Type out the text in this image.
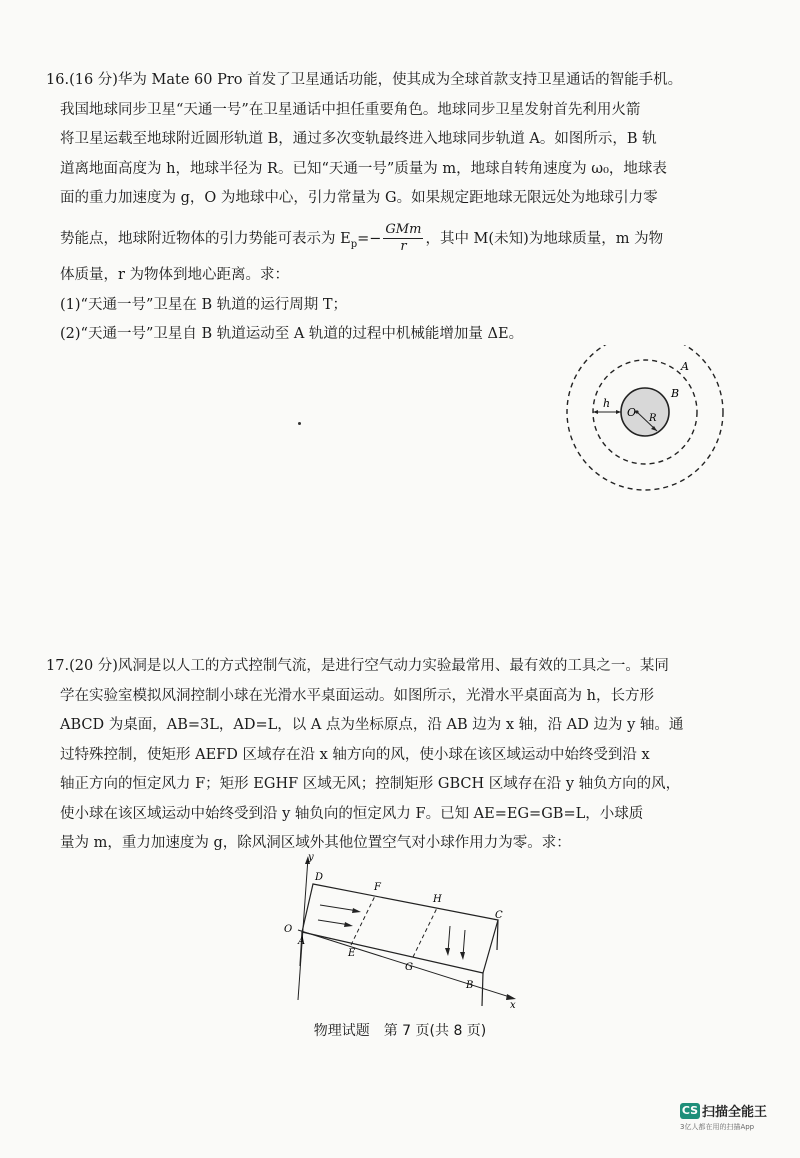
16.(16 分)华为 Mate 60 Pro 首发了卫星通话功能，使其成为全球首款支持卫星通话的智能手机。
我国地球同步卫星“天通一号”在卫星通话中担任重要角色。地球同步卫星发射首先利用火箭
将卫星运载至地球附近圆形轨道 B，通过多次变轨最终进入地球同步轨道 A。如图所示，B 轨
道离地面高度为 h，地球半径为 R。已知“天通一号”质量为 m，地球自转角速度为 ω₀，地球表
面的重力加速度为 g，O 为地球中心，引力常量为 G。如果规定距地球无限远处为地球引力零
势能点，地球附近物体的引力势能可表示为 $E_p=- \frac{\text{GMm}}{r}$ ，其中 M(未知)为地球质量，m 为物
体质量，r 为物体到地心距离。求：
(1)“天通一号”卫星在 B 轨道的运行周期 T；
(2)“天通一号”卫星自 B 轨道运动至 A 轨道的过程中机械能增加量 ΔE。
A
B
O R
h
17.(20 分)风洞是以人工的方式控制气流，是进行空气动力实验最常用、最有效的工具之一。某同
学在实验室模拟风洞控制小球在光滑水平桌面运动。如图所示，光滑水平桌面高为 h，长方形
ABCD 为桌面，AB=3L，AD=L，以 A 点为坐标原点，沿 AB 边为 x 轴，沿 AD 边为 y 轴。通
过特殊控制，使矩形 AEFD 区域存在沿 x 轴方向的风，使小球在该区域运动中始终受到沿 x
轴正方向的恒定风力 F；矩形 EGHF 区域无风；控制矩形 GBCH 区域存在沿 y 轴负方向的风，
使小球在该区域运动中始终受到沿 y 轴负向的恒定风力 F。已知 AE=EG=GB=L，小球质
量为 m，重力加速度为 g，除风洞区域外其他位置空气对小球作用力为零。求：
y
x
O
A
D
F
H
C
E
G
B
物理试题　第 7 页(共 8 页)
CS 扫描全能王
3亿人都在用的扫描App
